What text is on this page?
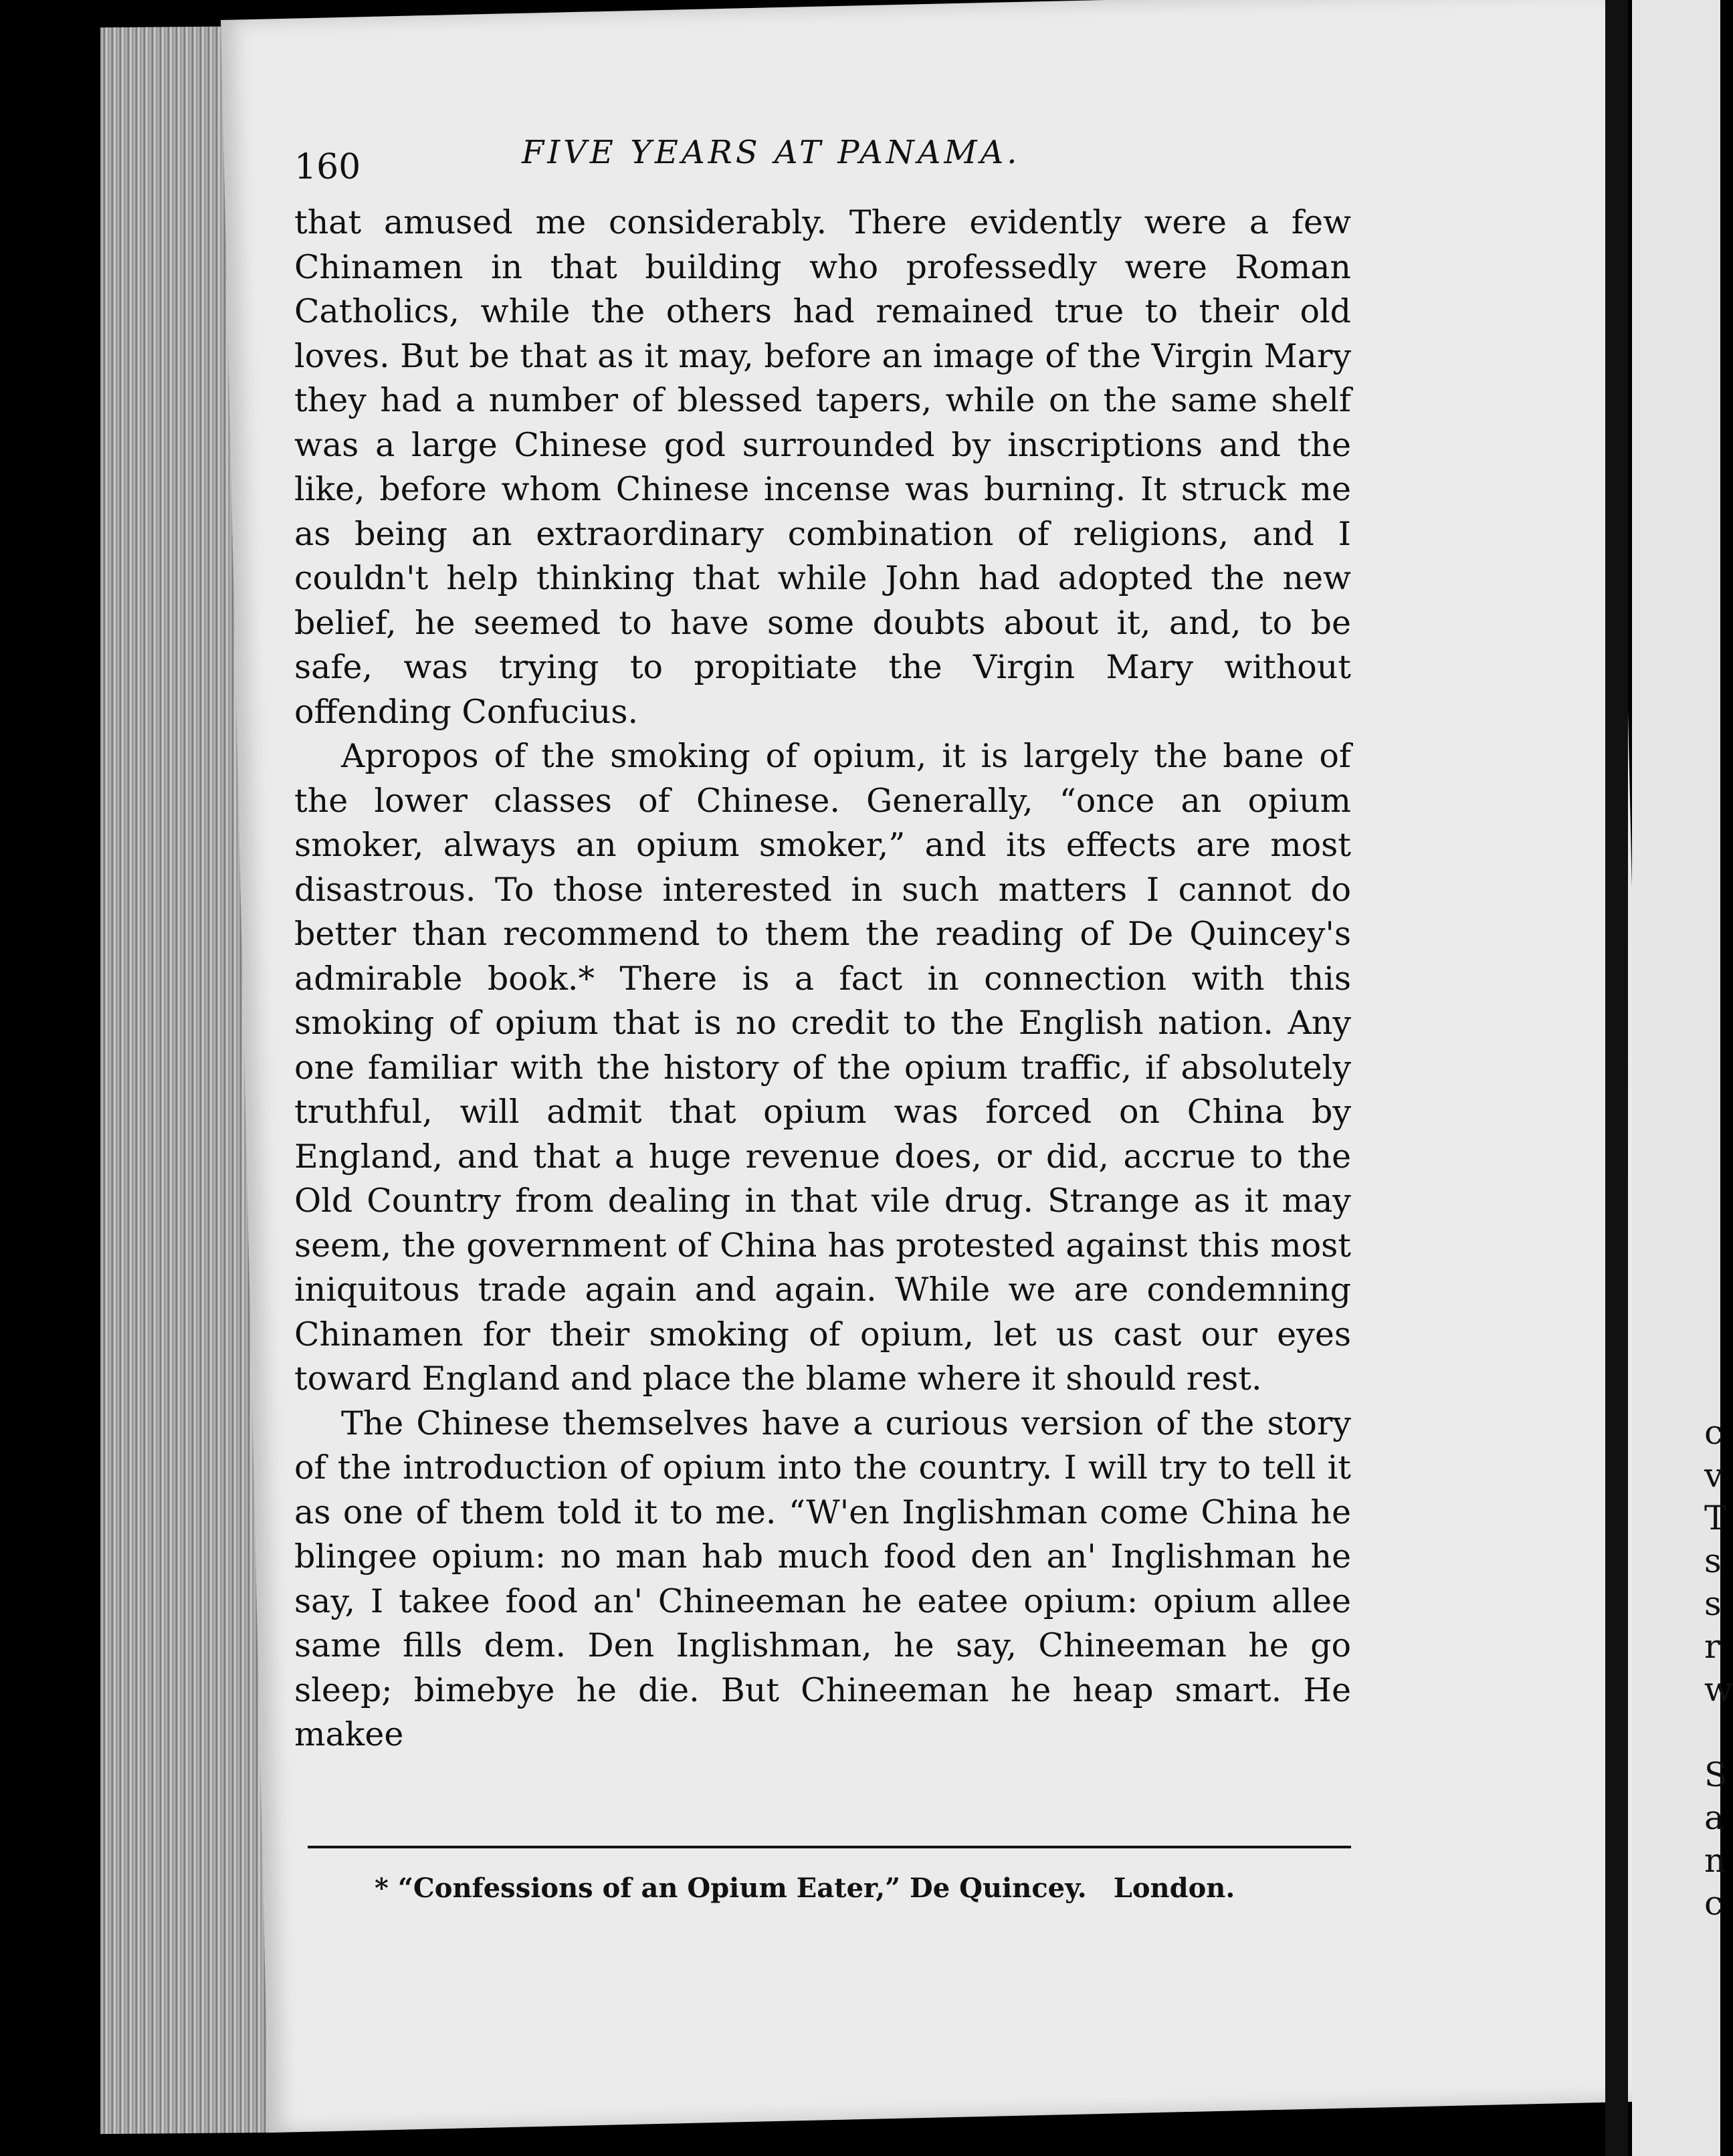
c
v
T
s
s
r
w

S
a
n
c
160	FIVE YEARS AT PANAMA.

that amused me considerably. There evidently were a few Chinamen in that building who professedly were Roman Catholics, while the others had remained true to their old loves. But be that as it may, before an image of the Virgin Mary they had a number of blessed tapers, while on the same shelf was a large Chinese god surrounded by inscriptions and the like, before whom Chinese incense was burning. It struck me as being an extraordinary combination of religions, and I couldn't help thinking that while John had adopted the new belief, he seemed to have some doubts about it, and, to be safe, was trying to propitiate the Virgin Mary without offending Confucius.

Apropos of the smoking of opium, it is largely the bane of the lower classes of Chinese. Generally, “once an opium smoker, always an opium smoker,” and its effects are most disastrous. To those interested in such matters I cannot do better than recommend to them the reading of De Quincey's admirable book.* There is a fact in connection with this smoking of opium that is no credit to the English nation. Any one familiar with the history of the opium traffic, if absolutely truthful, will admit that opium was forced on China by England, and that a huge revenue does, or did, accrue to the Old Country from dealing in that vile drug. Strange as it may seem, the government of China has protested against this most iniquitous trade again and again. While we are condemning Chinamen for their smoking of opium, let us cast our eyes toward England and place the blame where it should rest.

The Chinese themselves have a curious version of the story of the introduction of opium into the country. I will try to tell it as one of them told it to me. “W'en Inglishman come China he blingee opium: no man hab much food den an' Inglishman he say, I takee food an' Chineeman he eatee opium: opium allee same fills dem. Den Inglishman, he say, Chineeman he go sleep; bimebye he die. But Chineeman he heap smart. He makee

* “Confessions of an Opium Eater,” De Quincey. London.
